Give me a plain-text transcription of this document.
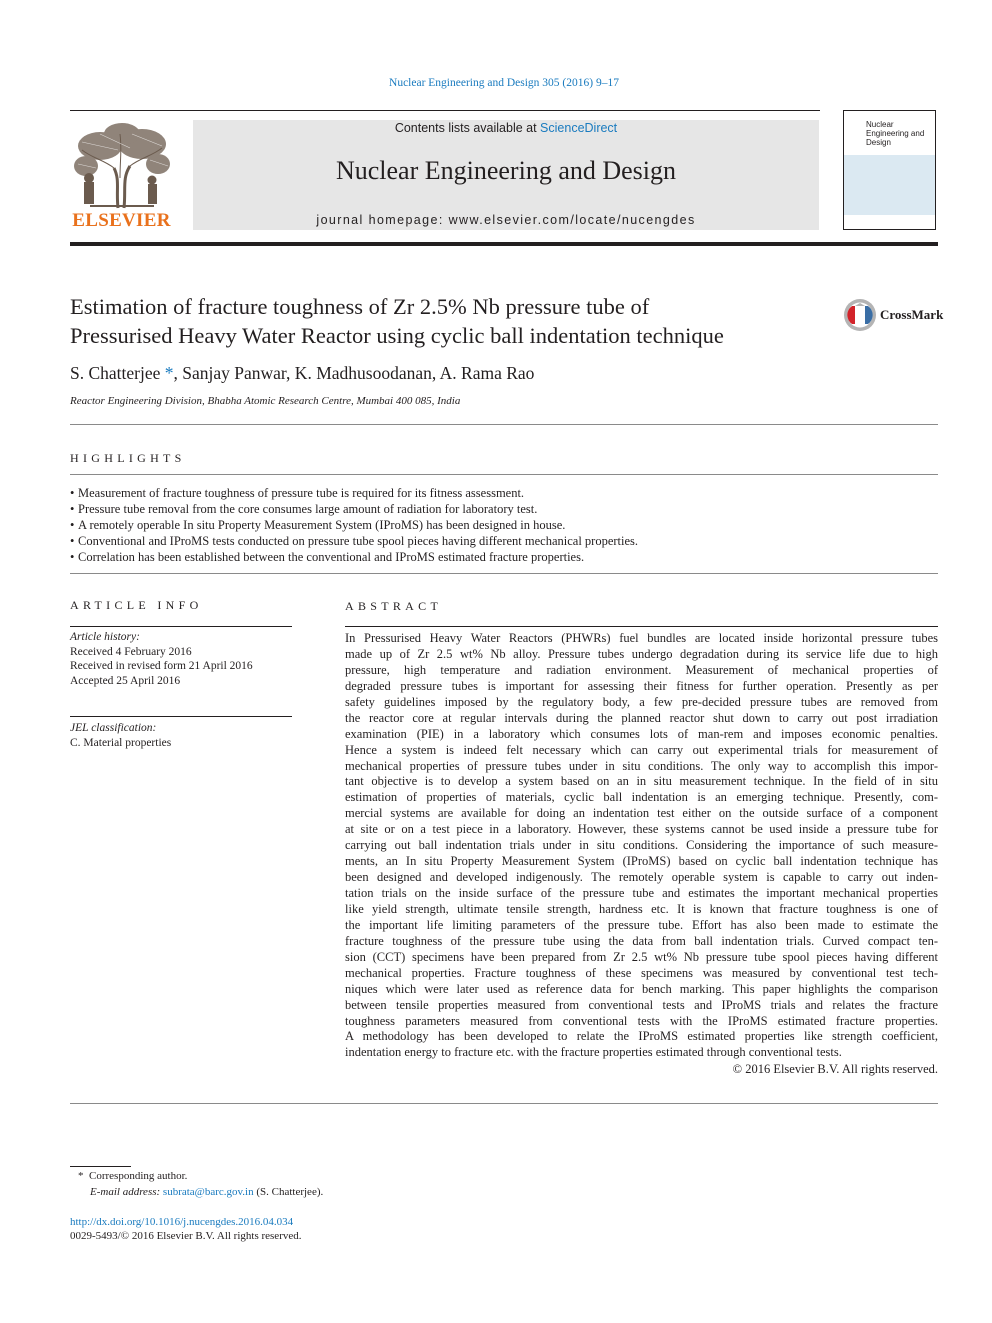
Nuclear Engineering and Design 305 (2016) 9–17
ELSEVIER
Contents lists available at ScienceDirect
Nuclear Engineering and Design
journal homepage: www.elsevier.com/locate/nucengdes
Nuclear Engineering and Design
Estimation of fracture toughness of Zr 2.5% Nb pressure tube of
Pressurised Heavy Water Reactor using cyclic ball indentation technique
CrossMark
S. Chatterjee *, Sanjay Panwar, K. Madhusoodanan, A. Rama Rao
Reactor Engineering Division, Bhabha Atomic Research Centre, Mumbai 400 085, India
HIGHLIGHTS
• Measurement of fracture toughness of pressure tube is required for its fitness assessment.
• Pressure tube removal from the core consumes large amount of radiation for laboratory test.
• A remotely operable In situ Property Measurement System (IProMS) has been designed in house.
• Conventional and IProMS tests conducted on pressure tube spool pieces having different mechanical properties.
• Correlation has been established between the conventional and IProMS estimated fracture properties.
ARTICLE INFO
Article history:
Received 4 February 2016
Received in revised form 21 April 2016
Accepted 25 April 2016
JEL classification:
C. Material properties
ABSTRACT
In Pressurised Heavy Water Reactors (PHWRs) fuel bundles are located inside horizontal pressure tubes
made up of Zr 2.5 wt% Nb alloy. Pressure tubes undergo degradation during its service life due to high
pressure, high temperature and radiation environment. Measurement of mechanical properties of
degraded pressure tubes is important for assessing their fitness for further operation. Presently as per
safety guidelines imposed by the regulatory body, a few pre-decided pressure tubes are removed from
the reactor core at regular intervals during the planned reactor shut down to carry out post irradiation
examination (PIE) in a laboratory which consumes lots of man-rem and imposes economic penalties.
Hence a system is indeed felt necessary which can carry out experimental trials for measurement of
mechanical properties of pressure tubes under in situ conditions. The only way to accomplish this impor-
tant objective is to develop a system based on an in situ measurement technique. In the field of in situ
estimation of properties of materials, cyclic ball indentation is an emerging technique. Presently, com-
mercial systems are available for doing an indentation test either on the outside surface of a component
at site or on a test piece in a laboratory. However, these systems cannot be used inside a pressure tube for
carrying out ball indentation trials under in situ conditions. Considering the importance of such measure-
ments, an In situ Property Measurement System (IProMS) based on cyclic ball indentation technique has
been designed and developed indigenously. The remotely operable system is capable to carry out inden-
tation trials on the inside surface of the pressure tube and estimates the important mechanical properties
like yield strength, ultimate tensile strength, hardness etc. It is known that fracture toughness is one of
the important life limiting parameters of the pressure tube. Effort has also been made to estimate the
fracture toughness of the pressure tube using the data from ball indentation trials. Curved compact ten-
sion (CCT) specimens have been prepared from Zr 2.5 wt% Nb pressure tube spool pieces having different
mechanical properties. Fracture toughness of these specimens was measured by conventional test tech-
niques which were later used as reference data for bench marking. This paper highlights the comparison
between tensile properties measured from conventional tests and IProMS trials and relates the fracture
toughness parameters measured from conventional tests with the IProMS estimated fracture properties.
A methodology has been developed to relate the IProMS estimated properties like strength coefficient,
indentation energy to fracture etc. with the fracture properties estimated through conventional tests.
© 2016 Elsevier B.V. All rights reserved.
* Corresponding author.
E-mail address: subrata@barc.gov.in (S. Chatterjee).
http://dx.doi.org/10.1016/j.nucengdes.2016.04.034
0029-5493/© 2016 Elsevier B.V. All rights reserved.
